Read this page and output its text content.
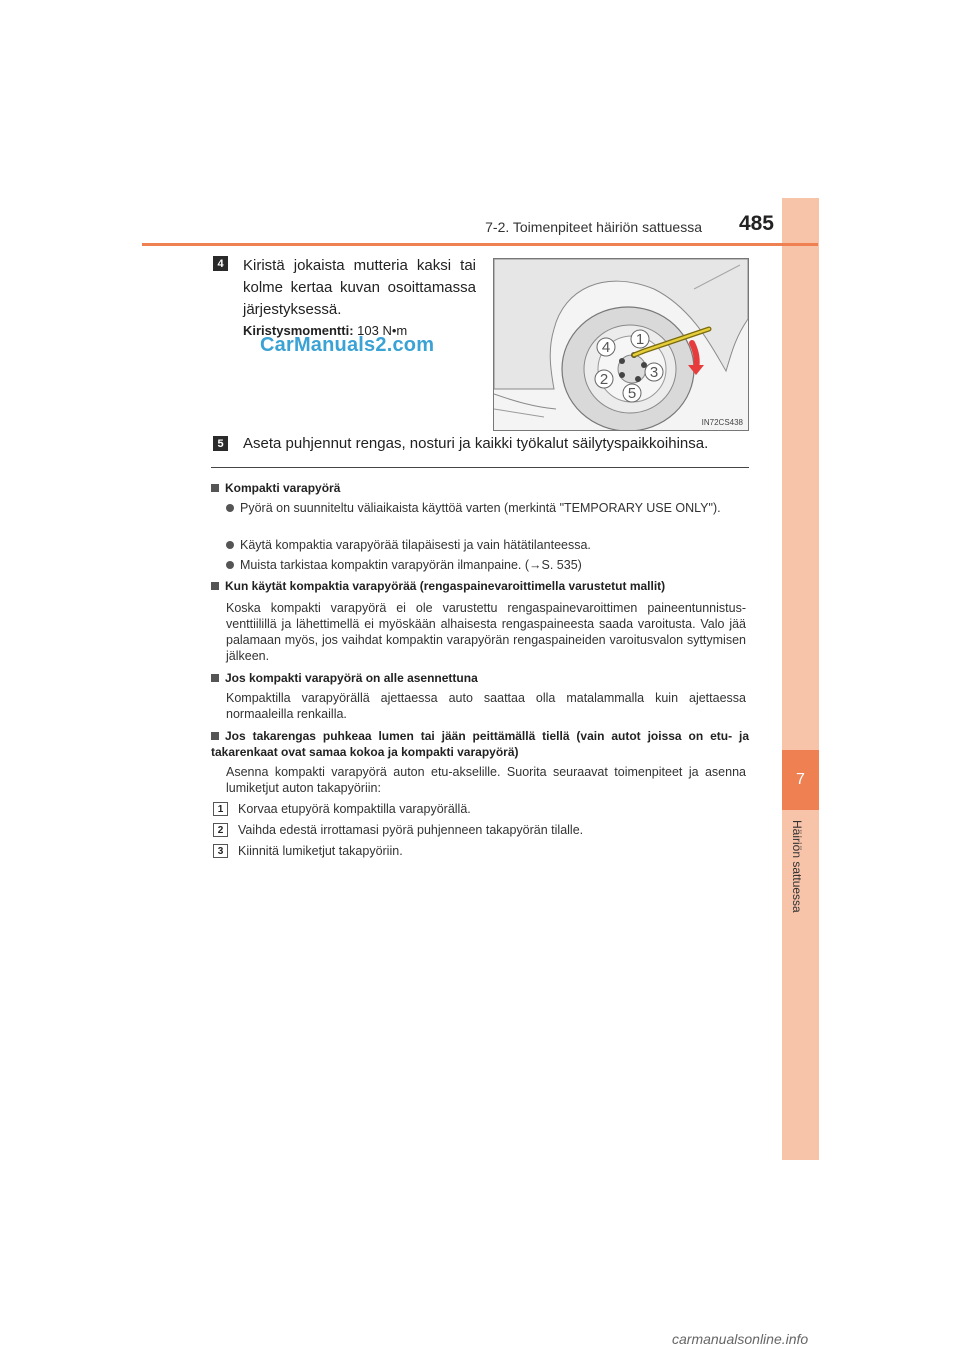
7
Häiriön sattuessa
7-2. Toimenpiteet häiriön sattuessa	485
4 Kiristä jokaista mutteria kaksi tai kolme kertaa kuvan osoittamassa järjestyksessä.
Kiristysmomentti: 103 N•m
CarManuals2.com	1
4
3
2
5
IN72CS438
5 Aseta puhjennut rengas, nosturi ja kaikki työkalut säilytyspaikkoihinsa.
Kompakti varapyörä
Pyörä on suunniteltu väliaikaista käyttöä varten (merkintä "TEMPORARY USE ONLY").
Käytä kompaktia varapyörää tilapäisesti ja vain hätätilanteessa.
Muista tarkistaa kompaktin varapyörän ilmanpaine. (→S. 535)
Kun käytät kompaktia varapyörää (rengaspainevaroittimella varustetut mallit)
Koska kompakti varapyörä ei ole varustettu rengaspainevaroittimen paineentunnistus-venttiilillä ja lähettimellä ei myöskään alhaisesta rengaspaineesta saada varoitusta. Valo jää palamaan myös, jos vaihdat kompaktin varapyörän rengaspaineiden varoitusvalon syttymisen jälkeen.
Jos kompakti varapyörä on alle asennettuna
Kompaktilla varapyörällä ajettaessa auto saattaa olla matalammalla kuin ajettaessa normaaleilla renkailla.
Jos takarengas puhkeaa lumen tai jään peittämällä tiellä (vain autot joissa on etu- ja takarenkaat ovat samaa kokoa ja kompakti varapyörä)
Asenna kompakti varapyörä auton etu-akselille. Suorita seuraavat toimenpiteet ja asenna lumiketjut auton takapyöriin:
1	Korvaa etupyörä kompaktilla varapyörällä.
2	Vaihda edestä irrottamasi pyörä puhjenneen takapyörän tilalle.
3	Kiinnitä lumiketjut takapyöriin.
carmanualsonline.info
